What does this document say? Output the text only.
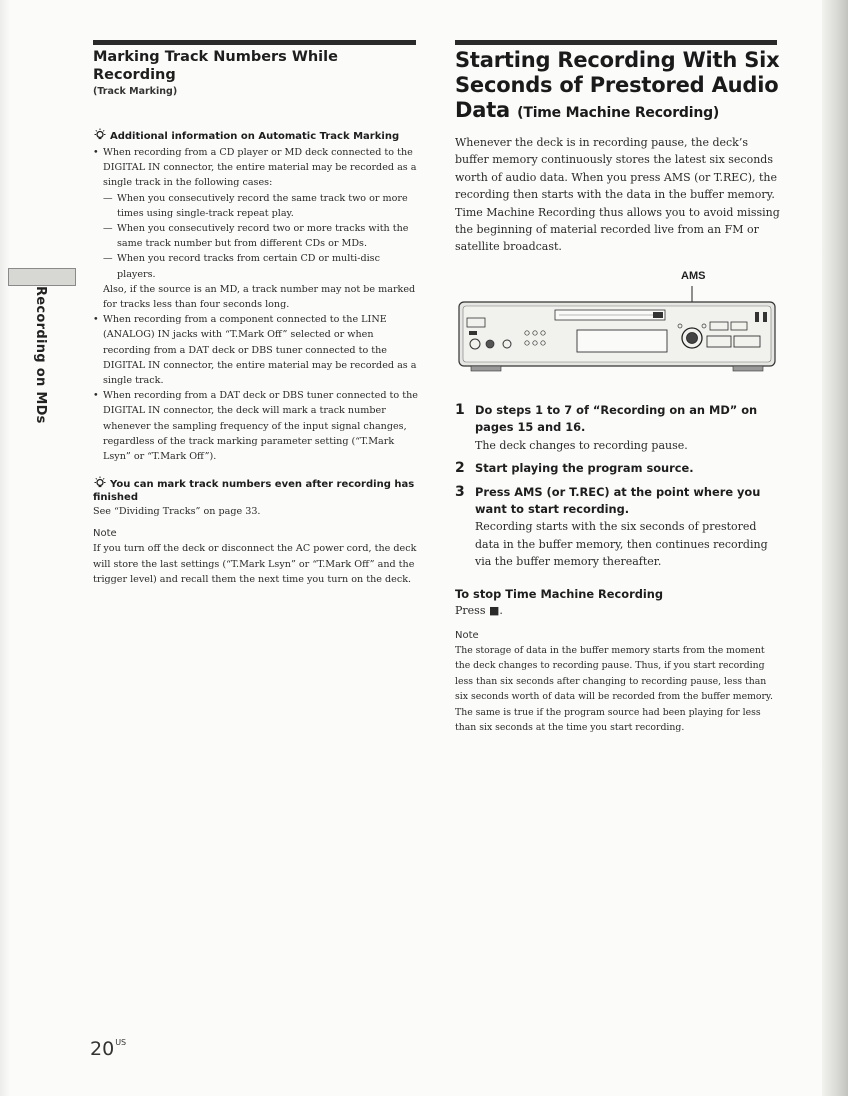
Recording on MDs
Marking Track Numbers While Recording

(Track Marking)

Additional information on Automatic Track Marking

• When recording from a CD player or MD deck connected to the DIGITAL IN connector, the entire material may be recorded as a single track in the following cases:
— When you consecutively record the same track two or more times using single-track repeat play.
— When you consecutively record two or more tracks with the same track number but from different CDs or MDs.
— When you record tracks from certain CD or multi-disc players.
Also, if the source is an MD, a track number may not be marked for tracks less than four seconds long.
• When recording from a component connected to the LINE (ANALOG) IN jacks with “T.Mark Off” selected or when recording from a DAT deck or DBS tuner connected to the DIGITAL IN connector, the entire material may be recorded as a single track.
• When recording from a DAT deck or DBS tuner connected to the DIGITAL IN connector, the deck will mark a track number whenever the sampling frequency of the input signal changes, regardless of the track marking parameter setting (“T.Mark Lsyn” or “T.Mark Off”).

You can mark track numbers even after recording has finished

See “Dividing Tracks” on page 33.

Note

If you turn off the deck or disconnect the AC power cord, the deck will store the last settings (“T.Mark Lsyn” or “T.Mark Off” and the trigger level) and recall them the next time you turn on the deck.

Starting Recording With Six Seconds of Prestored Audio Data (Time Machine Recording)

Whenever the deck is in recording pause, the deck’s buffer memory continuously stores the latest six seconds worth of audio data. When you press AMS (or T.REC), the recording then starts with the data in the buffer memory. Time Machine Recording thus allows you to avoid missing the beginning of material recorded live from an FM or satellite broadcast.

AMS
1 Do steps 1 to 7 of “Recording on an MD” on pages 15 and 16.

The deck changes to recording pause.

2 Start playing the program source.

3 Press AMS (or T.REC) at the point where you want to start recording.

Recording starts with the six seconds of prestored data in the buffer memory, then continues recording via the buffer memory thereafter.

To stop Time Machine Recording

Press ■.

Note

The storage of data in the buffer memory starts from the moment the deck changes to recording pause. Thus, if you start recording less than six seconds after changing to recording pause, less than six seconds worth of data will be recorded from the buffer memory. The same is true if the program source had been playing for less than six seconds at the time you start recording.

$20^{US}$
